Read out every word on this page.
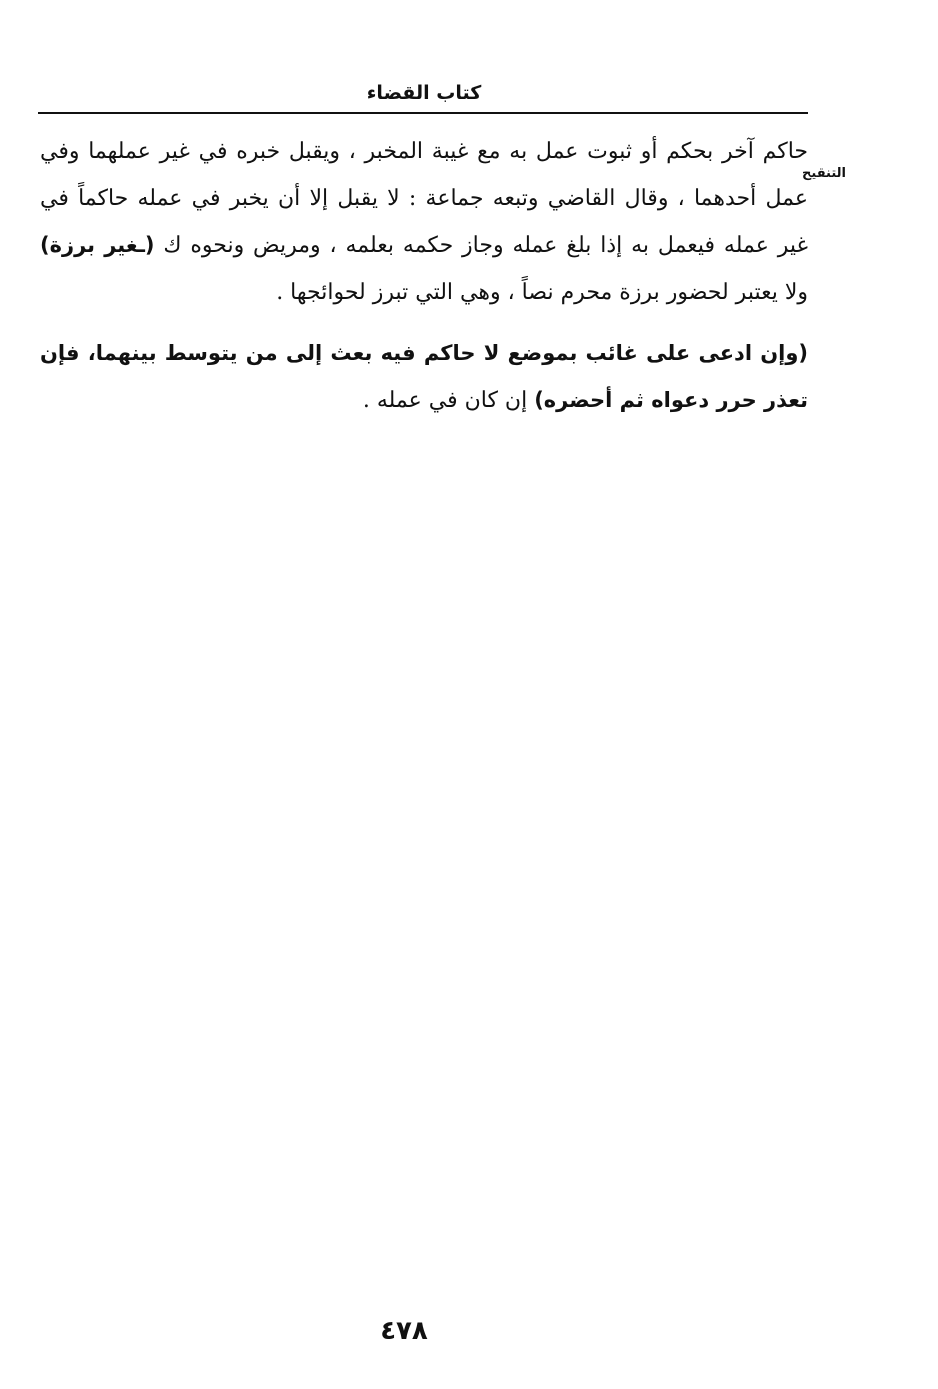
كتاب القضاء
التنقيح

حاكم آخر بحكم أو ثبوت عمل به مع غيبة المخبر ، ويقبل خبره في غير عملهما وفي عمل أحدهما ، وقال القاضي وتبعه جماعة : لا يقبل إلا أن يخبر في عمله حاكماً في غير عمله فيعمل به إذا بلغ عمله وجاز حكمه بعلمه ، ومريض ونحوه ك (ـغير برزة) ولا يعتبر لحضور برزة محرم نصاً ، وهي التي تبرز لحوائجها .

(وإن ادعى على غائب بموضع لا حاكم فيه بعث إلى من يتوسط بينهما، فإن تعذر حرر دعواه ثم أحضره) إن كان في عمله .

٤٧٨
